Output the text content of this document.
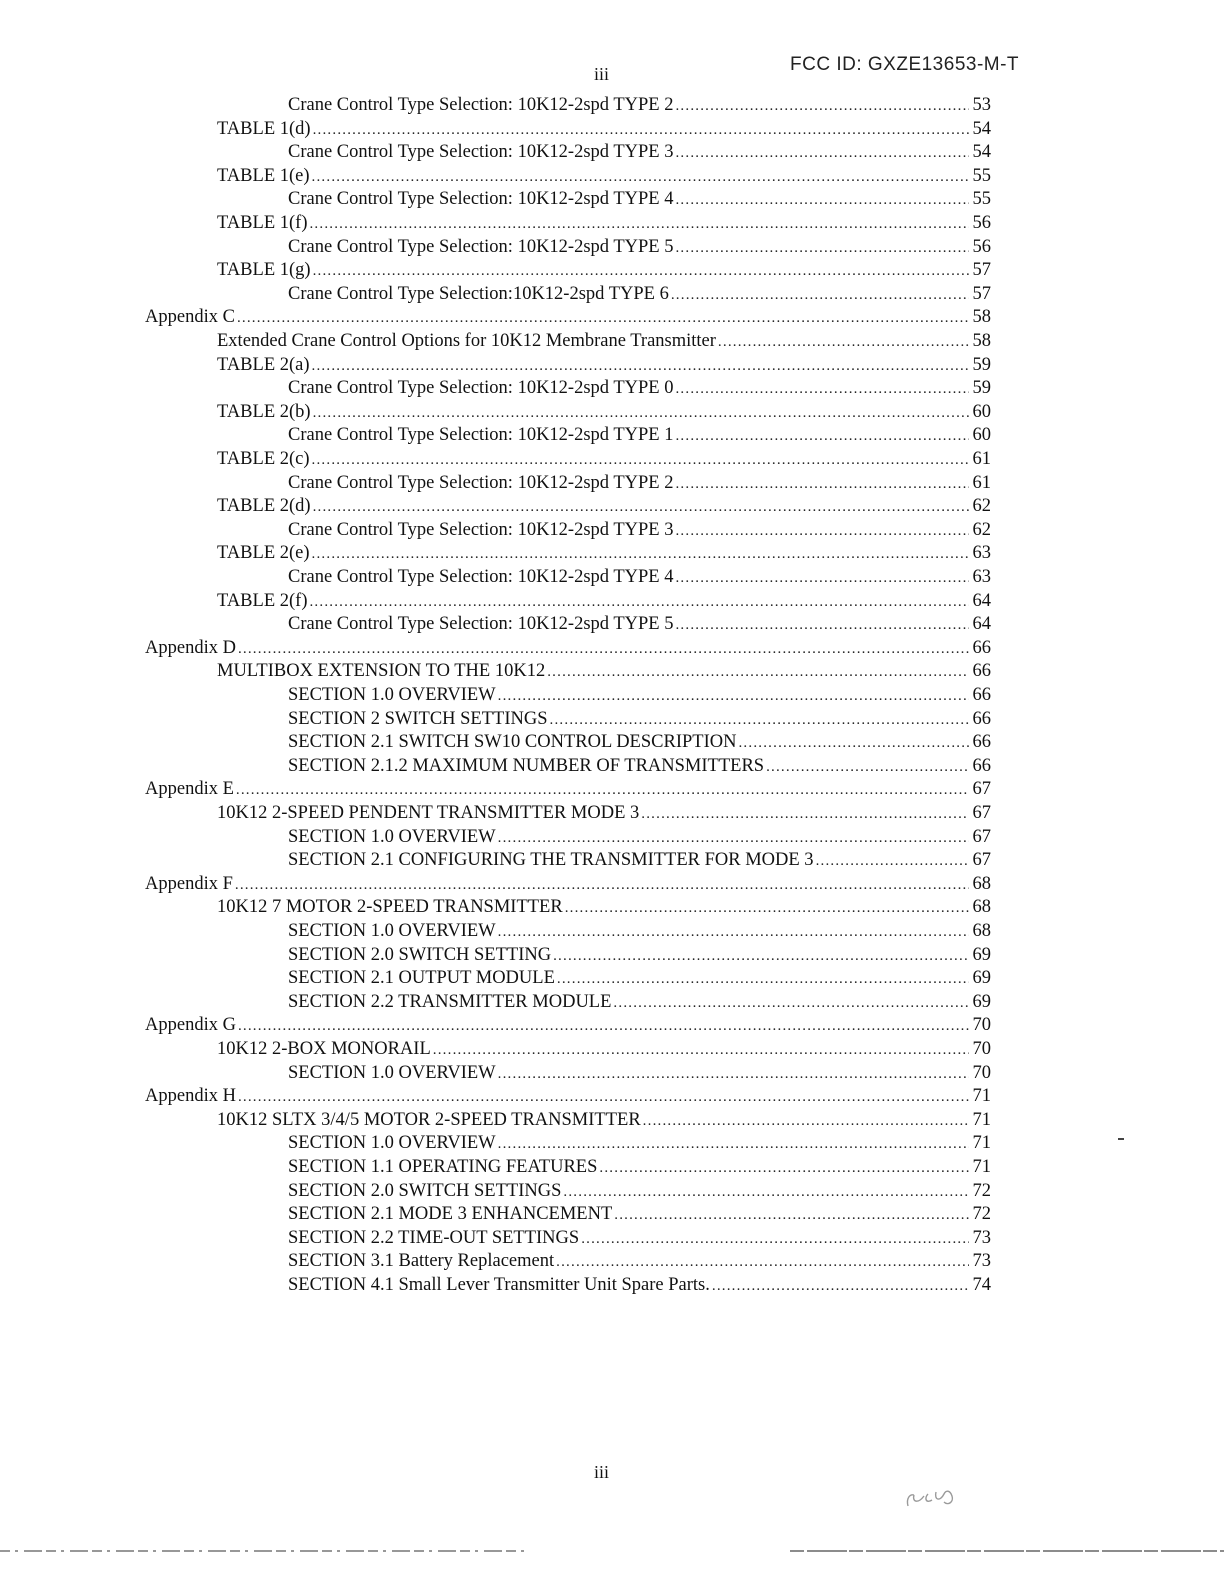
FCC ID: GXZE13653-M-T
iii
Crane Control Type Selection: 10K12-2spd TYPE 2 .....	53
TABLE 1(d) .....	54
Crane Control Type Selection: 10K12-2spd TYPE 3 .....	54
TABLE 1(e) .....	55
Crane Control Type Selection: 10K12-2spd TYPE 4 .....	55
TABLE 1(f) .....	56
Crane Control Type Selection: 10K12-2spd TYPE 5 .....	56
TABLE 1(g) .....	57
Crane Control Type Selection:10K12-2spd TYPE 6 .....	57
Appendix C .....	58
Extended Crane Control Options for 10K12 Membrane Transmitter .....	58
TABLE 2(a) .....	59
Crane Control Type Selection: 10K12-2spd TYPE 0 .....	59
TABLE 2(b) .....	60
Crane Control Type Selection: 10K12-2spd TYPE 1 .....	60
TABLE 2(c) .....	61
Crane Control Type Selection: 10K12-2spd TYPE 2 .....	61
TABLE 2(d) .....	62
Crane Control Type Selection: 10K12-2spd TYPE 3 .....	62
TABLE 2(e) .....	63
Crane Control Type Selection: 10K12-2spd TYPE 4 .....	63
TABLE 2(f) .....	64
Crane Control Type Selection: 10K12-2spd TYPE 5 .....	64
Appendix D .....	66
MULTIBOX EXTENSION TO THE 10K12 .....	66
SECTION 1.0 OVERVIEW .....	66
SECTION 2 SWITCH SETTINGS .....	66
SECTION 2.1 SWITCH SW10 CONTROL DESCRIPTION .....	66
SECTION 2.1.2 MAXIMUM NUMBER OF TRANSMITTERS .....	66
Appendix E .....	67
10K12 2-SPEED PENDENT TRANSMITTER MODE 3 .....	67
SECTION 1.0 OVERVIEW .....	67
SECTION 2.1 CONFIGURING THE TRANSMITTER FOR MODE 3 .....	67
Appendix F .....	68
10K12 7 MOTOR 2-SPEED TRANSMITTER .....	68
SECTION 1.0 OVERVIEW .....	68
SECTION 2.0 SWITCH SETTING .....	69
SECTION 2.1 OUTPUT MODULE .....	69
SECTION 2.2 TRANSMITTER MODULE .....	69
Appendix G .....	70
10K12 2-BOX MONORAIL .....	70
SECTION 1.0 OVERVIEW .....	70
Appendix H .....	71
10K12 SLTX 3/4/5 MOTOR 2-SPEED TRANSMITTER .....	71
SECTION 1.0 OVERVIEW .....	71
SECTION 1.1 OPERATING FEATURES .....	71
SECTION 2.0 SWITCH SETTINGS .....	72
SECTION 2.1 MODE 3 ENHANCEMENT .....	72
SECTION 2.2 TIME-OUT SETTINGS .....	73
SECTION 3.1 Battery Replacement .....	73
SECTION 4.1 Small Lever Transmitter Unit Spare Parts. .....	74
iii
